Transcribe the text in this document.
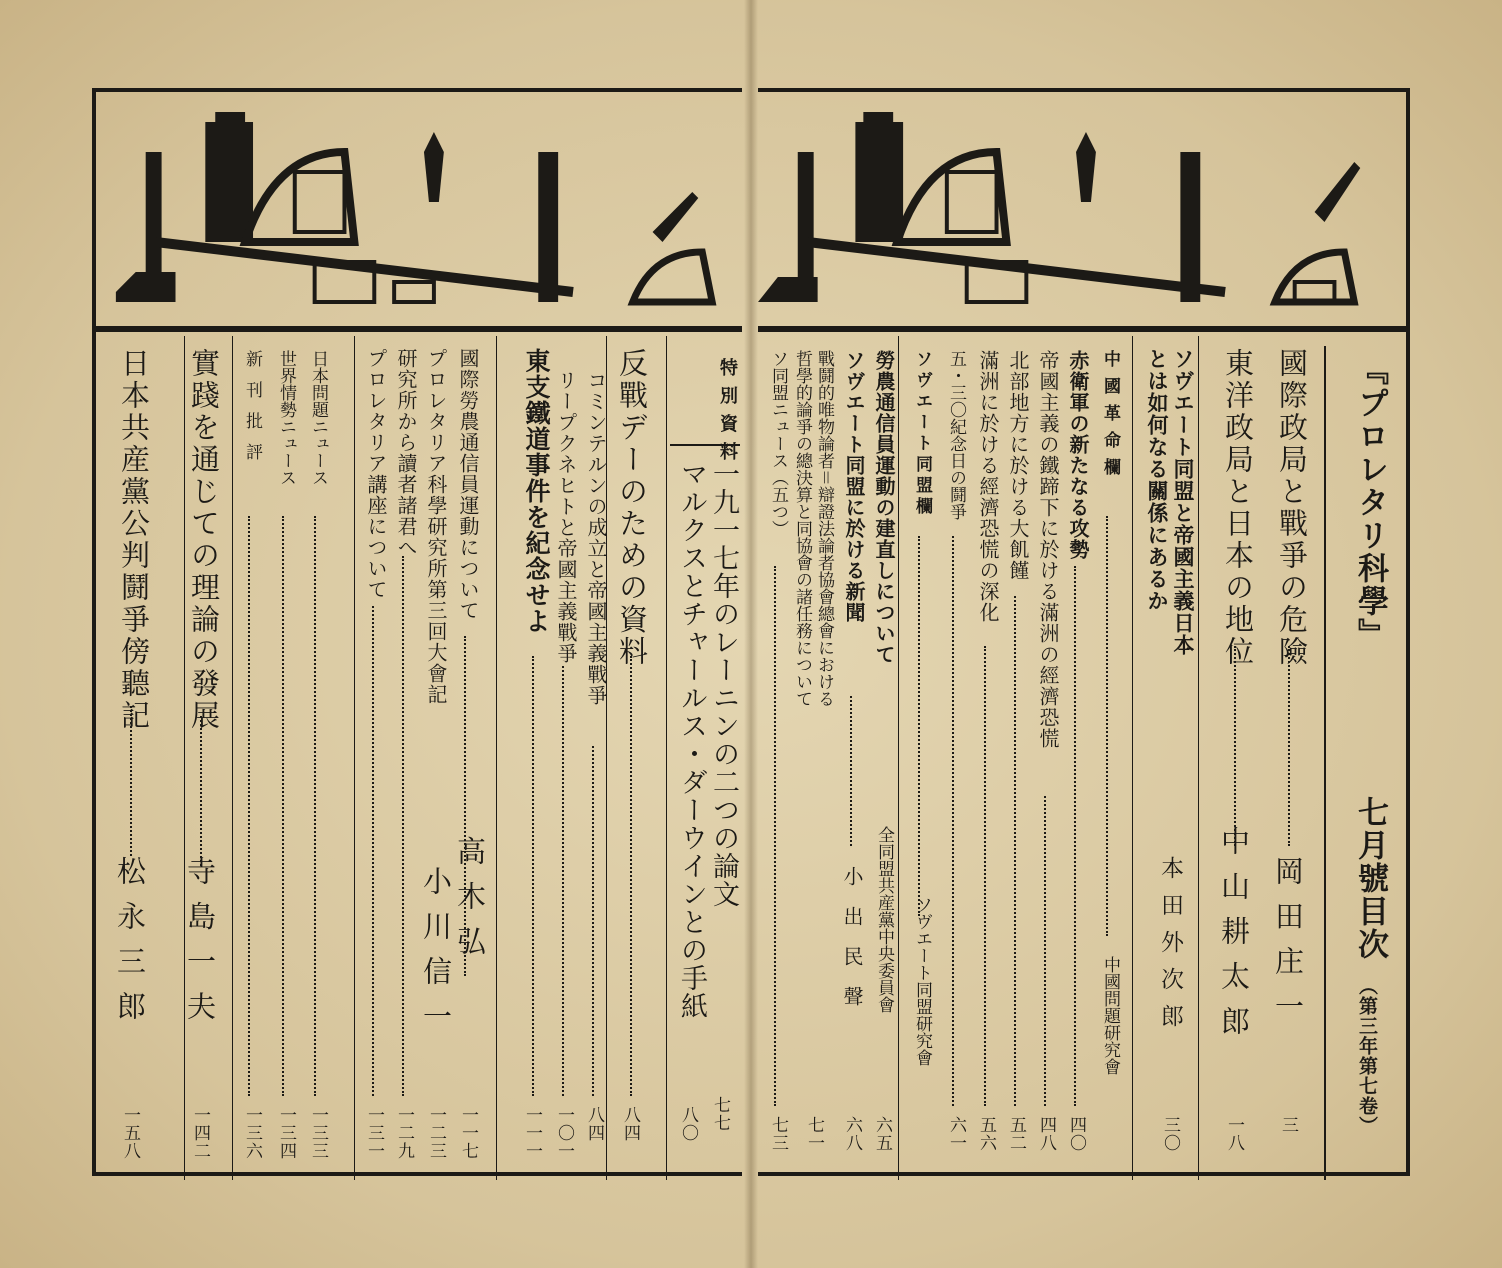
特別資料
一九一七年のレーニンの二つの論文
七七
マルクスとチャールス・ダーウインとの手紙
八〇
反戰デーのための資料
八四
コミンテルンの成立と帝國主義戰爭
八四
リープクネヒトと帝國主義戰爭
一〇一
東支鐵道事件を紀念せよ
一一一
國際勞農通信員運動について
高木弘
一一七
プロレタリア科學研究所第三回大會記
小川信一
一二三
研究所から讀者諸君へ
一二九
プロレタリア講座について
一三一
日本問題ニュース
一三三
世界情勢ニュース
一三四
新刊批評
一三六
實踐を通じての理論の發展
寺島一夫
一四二
日本共産黨公判鬪爭傍聽記
松永三郎
一五八
『プロレタリ科學』
七月號目次
（第三年第七卷）
國際政局と戰爭の危險
岡田庄一
三
東洋政局と日本の地位
中山耕太郎
一八
ソヴエート同盟と帝國主義日本
とは如何なる關係にあるか
本田外次郎
三〇
中國革命欄
中國問題研究會
赤衛軍の新たなる攻勢
四〇
帝國主義の鐵蹄下に於ける滿洲の經濟恐慌
四八
北部地方に於ける大飢饉
五二
滿洲に於ける經濟恐慌の深化
五六
五・三〇紀念日の鬪爭
六一
ソヴエート同盟欄
ソヴエート同盟研究會
勞農通信員運動の建直しについて
全同盟共産黨中央委員會
六五
ソヴエート同盟に於ける新聞
小出民聲
六八
戰鬪的唯物論者＝辯證法論者協會總會における
哲學的論爭の總決算と同協會の諸任務について
七一
ソ同盟ニュース（五つ）
七三
